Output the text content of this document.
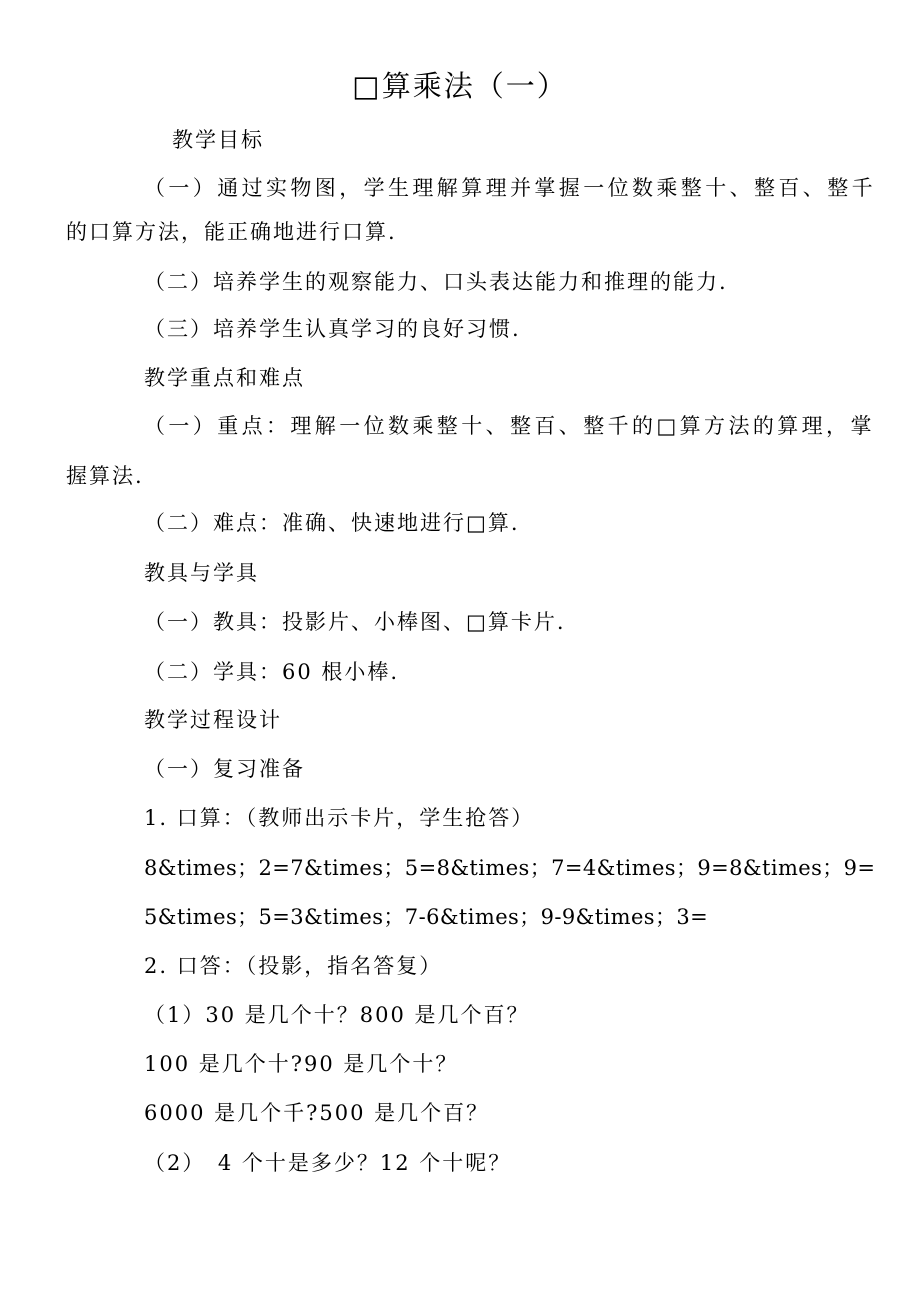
□算乘法（一）
教学目标
（一）通过实物图，学生理解算理并掌握一位数乘整十、整百、整千
的口算方法，能正确地进行口算.
（二）培养学生的观察能力、口头表达能力和推理的能力.
（三）培养学生认真学习的良好习惯.
教学重点和难点
（一）重点：理解一位数乘整十、整百、整千的□算方法的算理，掌
握算法.
（二）难点：准确、快速地进行□算.
教具与学具
（一）教具：投影片、小棒图、□算卡片.
（二）学具：60 根小棒.
教学过程设计
（一）复习准备
1. 口算：（教师出示卡片，学生抢答）
8&times；2=7&times；5=8&times；7=4&times；9=8&times；9=
5&times；5=3&times；7-6&times；9-9&times；3=
2. 口答：（投影，指名答复）
（1）30 是几个十？800 是几个百？
100 是几个十?90 是几个十？
6000 是几个千?500 是几个百？
（2）　4 个十是多少？12 个十呢？
